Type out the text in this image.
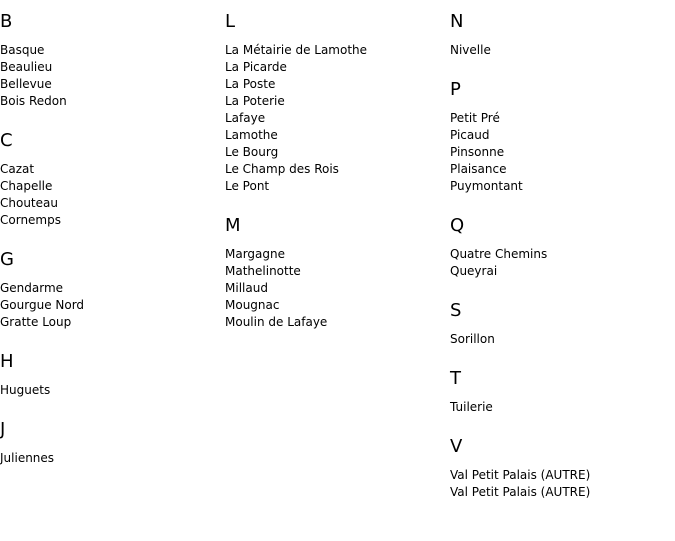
B
Basque
Beaulieu
Bellevue
Bois Redon
C
Cazat
Chapelle
Chouteau
Cornemps
G
Gendarme
Gourgue Nord
Gratte Loup
H
Huguets
J
Juliennes
L
La Métairie de Lamothe
La Picarde
La Poste
La Poterie
Lafaye
Lamothe
Le Bourg
Le Champ des Rois
Le Pont
M
Margagne
Mathelinotte
Millaud
Mougnac
Moulin de Lafaye
N
Nivelle
P
Petit Pré
Picaud
Pinsonne
Plaisance
Puymontant
Q
Quatre Chemins
Queyrai
S
Sorillon
T
Tuilerie
V
Val Petit Palais (AUTRE)
Val Petit Palais (AUTRE)
